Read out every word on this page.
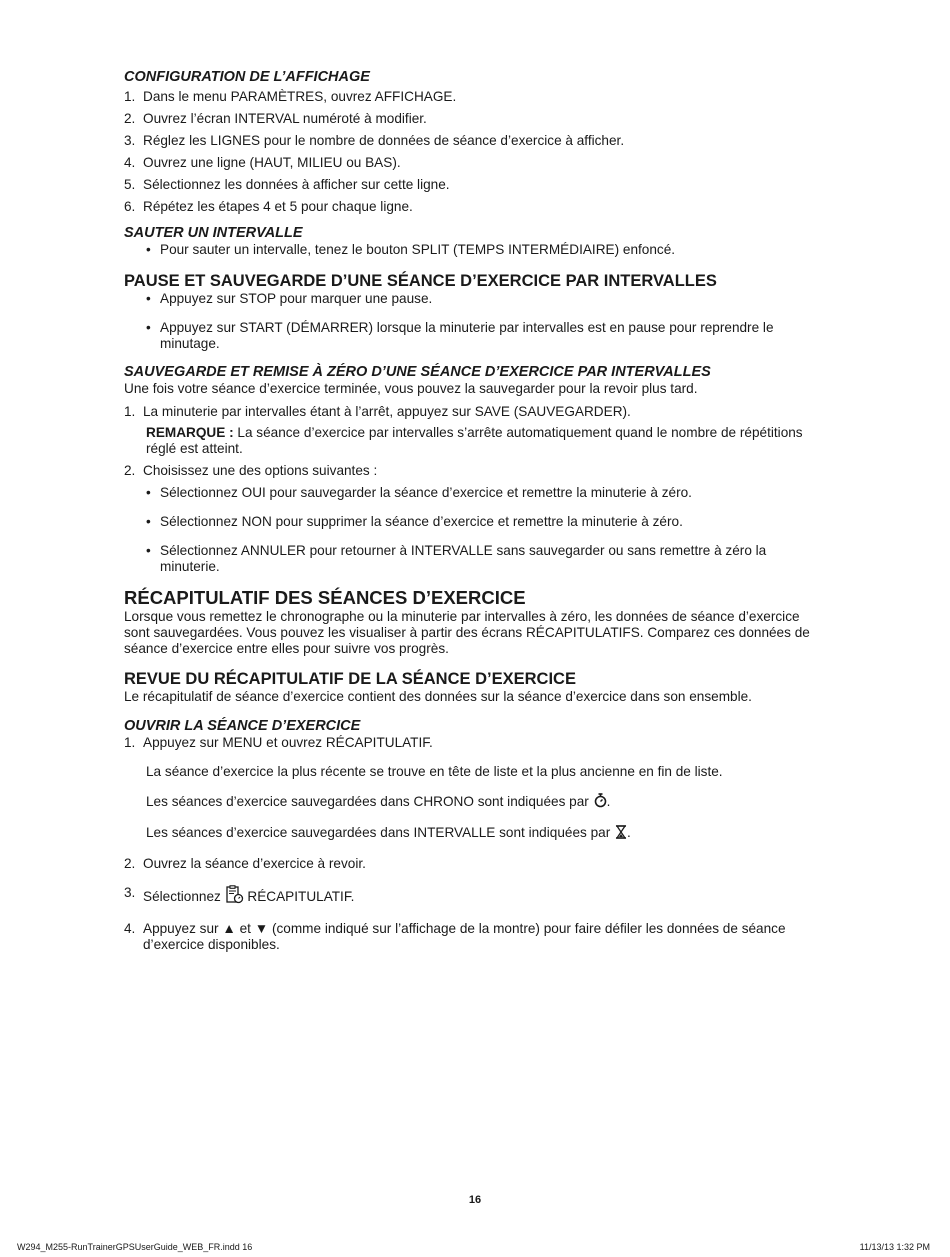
CONFIGURATION DE L’AFFICHAGE
1. Dans le menu PARAMÈTRES, ouvrez AFFICHAGE.
2. Ouvrez l’écran INTERVAL numéroté à modifier.
3. Réglez les LIGNES pour le nombre de données de séance d’exercice à afficher.
4. Ouvrez une ligne (HAUT, MILIEU ou BAS).
5. Sélectionnez les données à afficher sur cette ligne.
6. Répétez les étapes 4 et 5 pour chaque ligne.
SAUTER UN INTERVALLE
• Pour sauter un intervalle, tenez le bouton SPLIT (TEMPS INTERMÉDIAIRE) enfoncé.
PAUSE ET SAUVEGARDE D’UNE SÉANCE D’EXERCICE PAR INTERVALLES
• Appuyez sur STOP pour marquer une pause.
• Appuyez sur START (DÉMARRER) lorsque la minuterie par intervalles est en pause pour reprendre le minutage.
SAUVEGARDE ET REMISE À ZÉRO D’UNE SÉANCE D’EXERCICE PAR INTERVALLES

Une fois votre séance d’exercice terminée, vous pouvez la sauvegarder pour la revoir plus tard.

1. La minuterie par intervalles étant à l’arrêt, appuyez sur SAVE (SAUVEGARDER).
REMARQUE : La séance d’exercice par intervalles s’arrête automatiquement quand le nombre de répétitions réglé est atteint.
2. Choisissez une des options suivantes :
• Sélectionnez OUI pour sauvegarder la séance d’exercice et remettre la minuterie à zéro.
• Sélectionnez NON pour supprimer la séance d’exercice et remettre la minuterie à zéro.
• Sélectionnez ANNULER pour retourner à INTERVALLE sans sauvegarder ou sans remettre à zéro la minuterie.
RÉCAPITULATIF DES SÉANCES D’EXERCICE

Lorsque vous remettez le chronographe ou la minuterie par intervalles à zéro, les données de séance d’exercice sont sauvegardées. Vous pouvez les visualiser à partir des écrans RÉCAPITULATIFS. Comparez ces données de séance d’exercice entre elles pour suivre vos progrès.

REVUE DU RÉCAPITULATIF DE LA SÉANCE D’EXERCICE

Le récapitulatif de séance d’exercice contient des données sur la séance d’exercice dans son ensemble.

OUVRIR LA SÉANCE D’EXERCICE
1. Appuyez sur MENU et ouvrez RÉCAPITULATIF.

La séance d’exercice la plus récente se trouve en tête de liste et la plus ancienne en fin de liste.

Les séances d’exercice sauvegardées dans CHRONO sont indiquées par .

Les séances d’exercice sauvegardées dans INTERVALLE sont indiquées par .

2. Ouvrez la séance d’exercice à revoir.
3. Sélectionnez  RÉCAPITULATIF.
4. Appuyez sur ▲ et ▼ (comme indiqué sur l’affichage de la montre) pour faire défiler les données de séance d’exercice disponibles.
16
W294_M255-RunTrainerGPSUserGuide_WEB_FR.indd 16	11/13/13 1:32 PM
